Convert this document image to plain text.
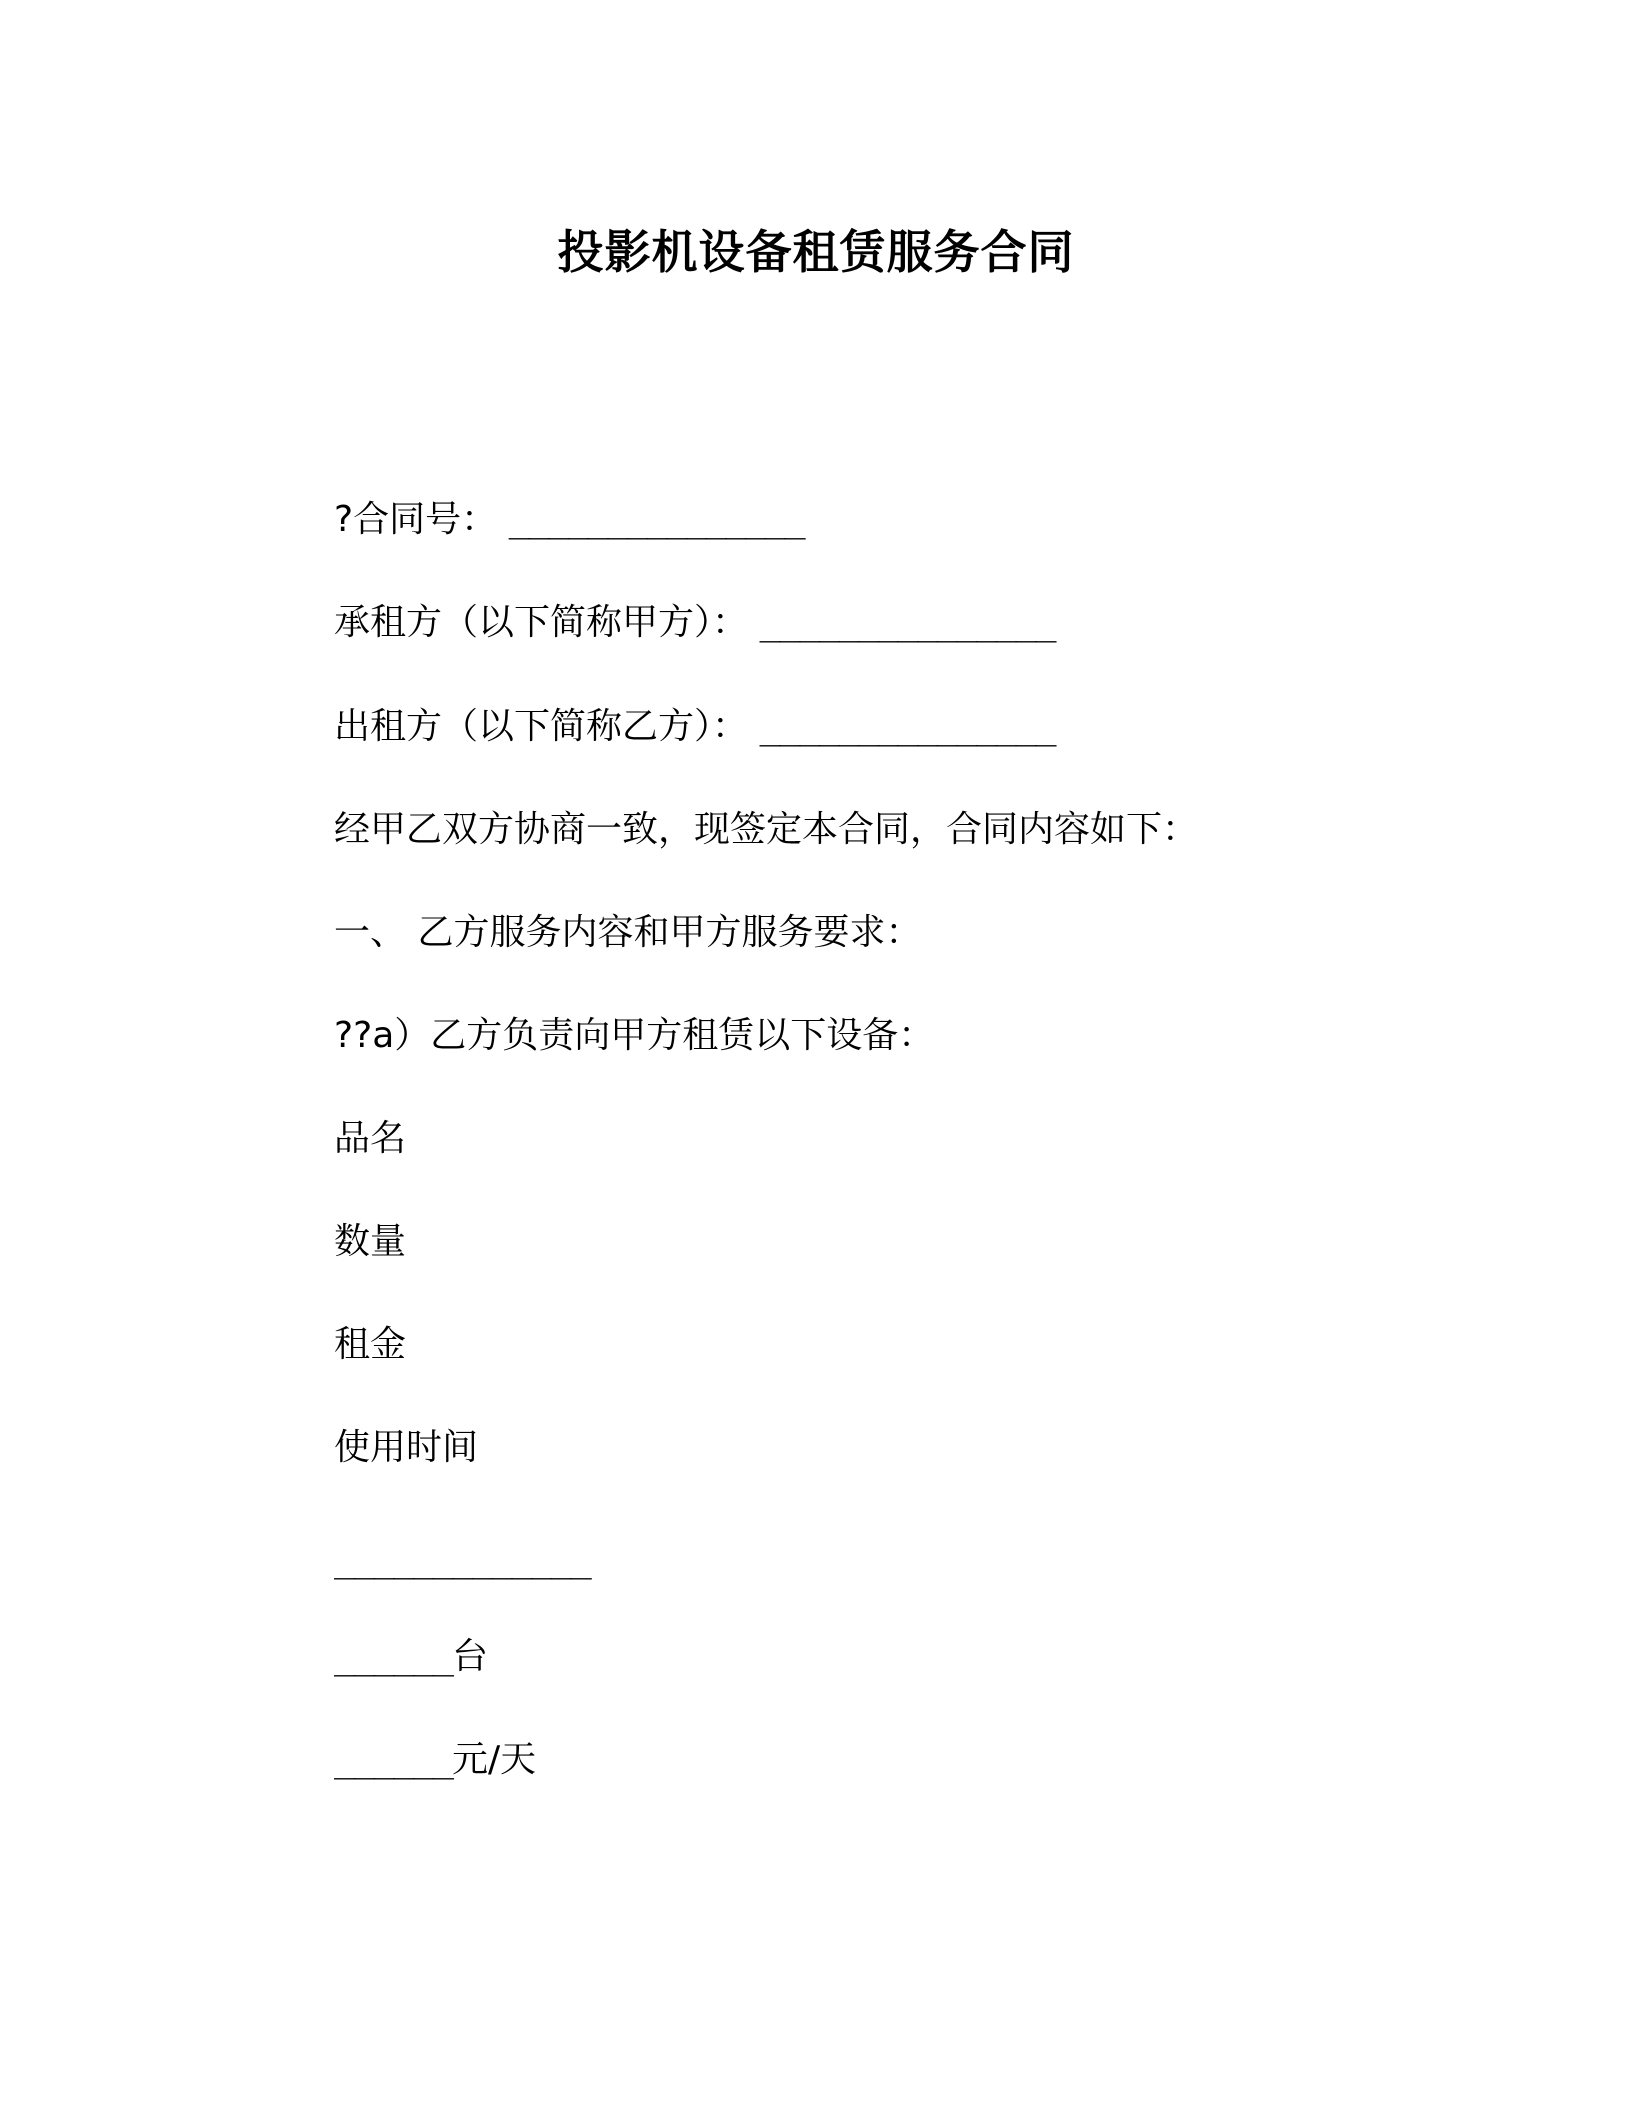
投影机设备租赁服务合同
?合同号： _______________
承租方（以下简称甲方）： _______________
出租方（以下简称乙方）： _______________
经甲乙双方协商一致，现签定本合同，合同内容如下：
一、 乙方服务内容和甲方服务要求：
??a）乙方负责向甲方租赁以下设备：
品名
数量
租金
使用时间
_____________
______台
______元/天
